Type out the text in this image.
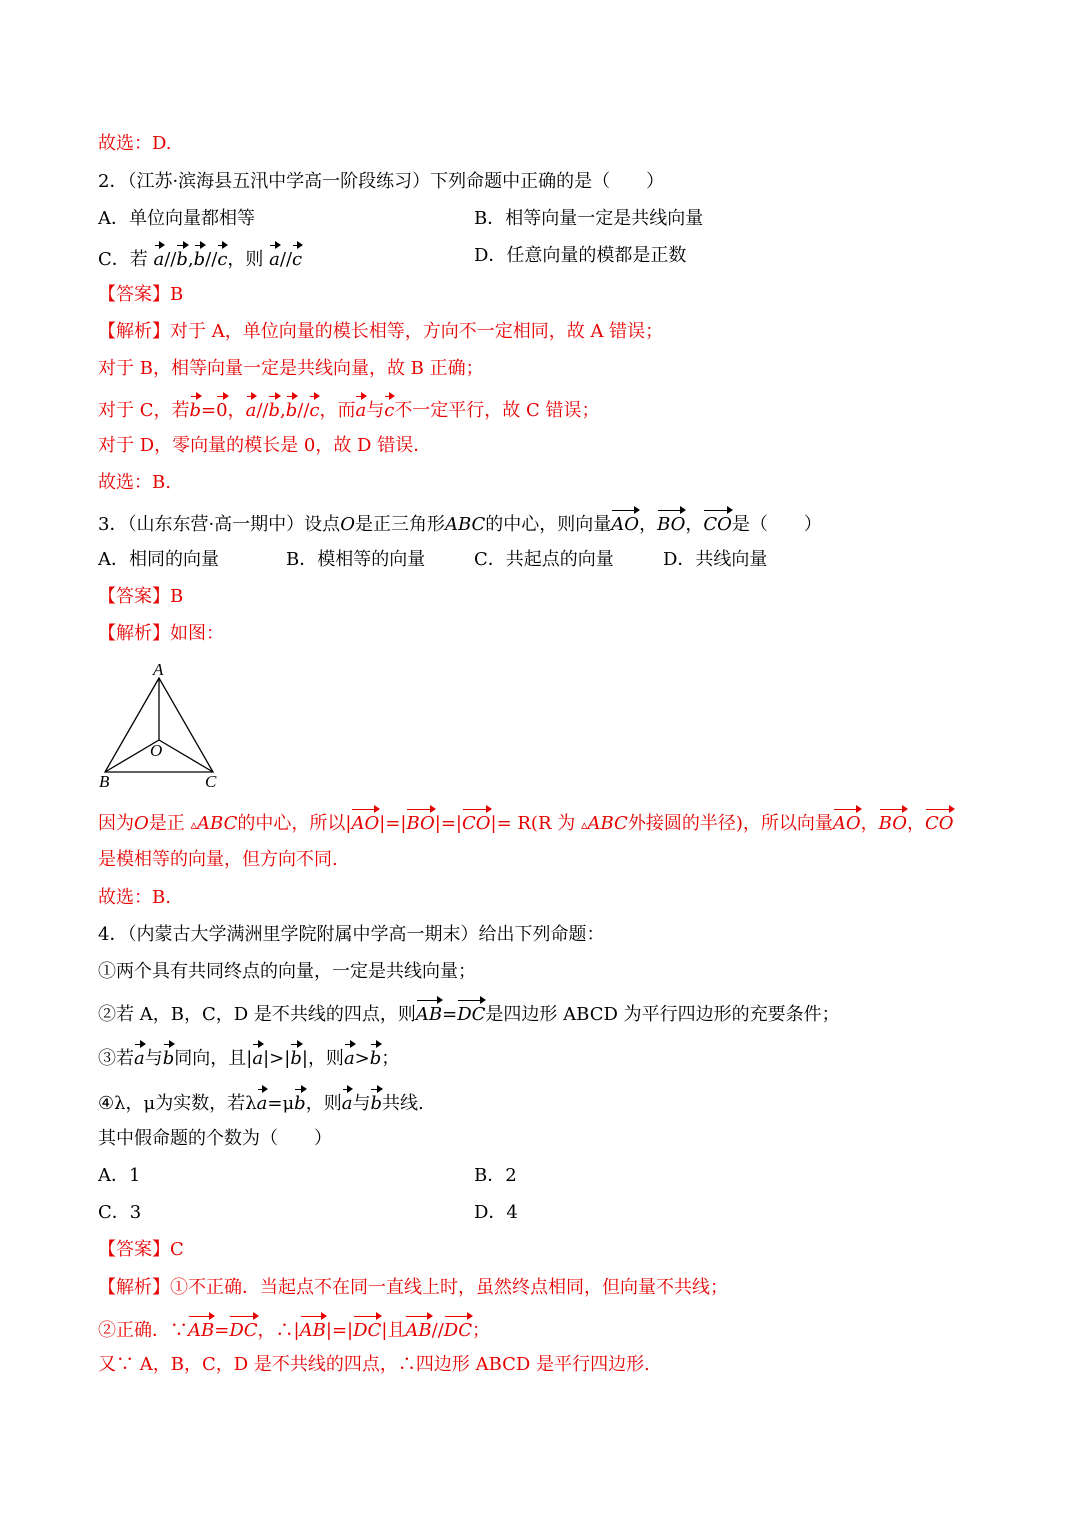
故选：D.
2．（江苏·滨海县五汛中学高一阶段练习）下列命题中正确的是（　　）
A．单位向量都相等	B．相等向量一定是共线向量
C．若 a//b,b//c，则 a//c	D．任意向量的模都是正数
【答案】B
【解析】对于 A，单位向量的模长相等，方向不一定相同，故 A 错误；
对于 B，相等向量一定是共线向量，故 B 正确；
对于 C，若b=0，a//b,b//c，而a与c不一定平行，故 C 错误；
对于 D，零向量的模长是 0，故 D 错误．
故选：B.
3．（山东东营·高一期中）设点O是正三角形ABC的中心，则向量AO，BO，CO是（　　）
A．相同的向量	B．模相等的向量	C．共起点的向量	D．共线向量
【答案】B
【解析】如图：
A
B	C
O
因为O是正 ▵ABC的中心，所以|AO|=|BO|=|CO|= R(R 为 ▵ABC外接圆的半径)，所以向量AO，BO，CO
是模相等的向量，但方向不同.
故选：B.
4．（内蒙古大学满洲里学院附属中学高一期末）给出下列命题：
①两个具有共同终点的向量，一定是共线向量；
②若 A，B，C，D 是不共线的四点，则AB=DC是四边形 ABCD 为平行四边形的充要条件；
③若a与b同向，且|a|>|b|，则a>b；
④λ，μ为实数，若λa=μb，则a与b共线.
其中假命题的个数为（　　）
A．1	B．2
C．3	D．4
【答案】C
【解析】①不正确．当起点不在同一直线上时，虽然终点相同，但向量不共线；
②正确．∵AB=DC，∴|AB|=|DC|且AB//DC；
又∵ A，B，C，D 是不共线的四点，∴四边形 ABCD 是平行四边形.
